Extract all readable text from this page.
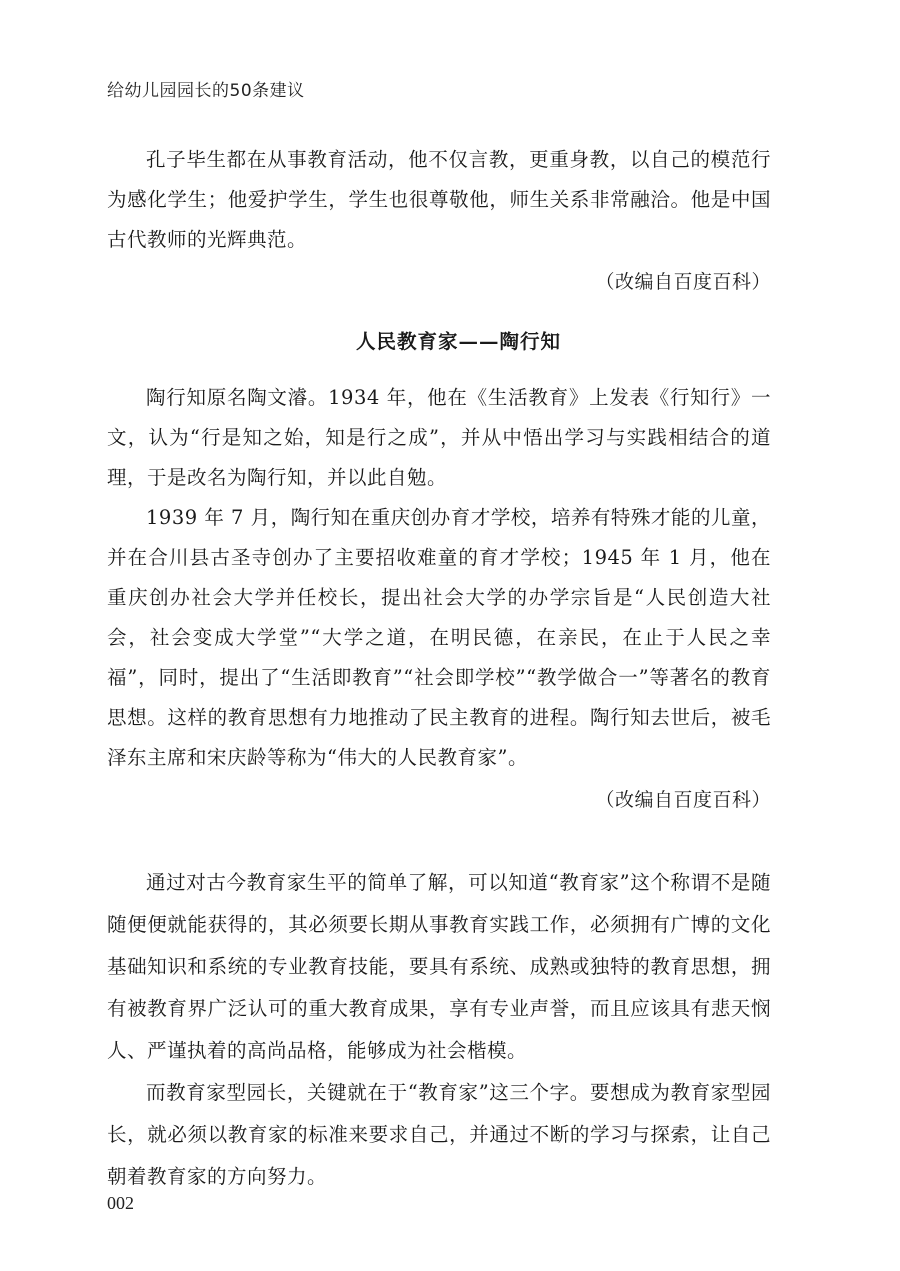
给幼儿园园长的50条建议

孔子毕生都在从事教育活动，他不仅言教，更重身教，以自己的模范行为感化学生；他爱护学生，学生也很尊敬他，师生关系非常融洽。他是中国古代教师的光辉典范。

（改编自百度百科）

人民教育家——陶行知

陶行知原名陶文濬。1934 年，他在《生活教育》上发表《行知行》一文，认为“行是知之始，知是行之成”，并从中悟出学习与实践相结合的道理，于是改名为陶行知，并以此自勉。

1939 年 7 月，陶行知在重庆创办育才学校，培养有特殊才能的儿童，并在合川县古圣寺创办了主要招收难童的育才学校；1945 年 1 月，他在重庆创办社会大学并任校长，提出社会大学的办学宗旨是“人民创造大社会，社会变成大学堂”“大学之道，在明民德，在亲民，在止于人民之幸福”，同时，提出了“生活即教育”“社会即学校”“教学做合一”等著名的教育思想。这样的教育思想有力地推动了民主教育的进程。陶行知去世后，被毛泽东主席和宋庆龄等称为“伟大的人民教育家”。

（改编自百度百科）

通过对古今教育家生平的简单了解，可以知道“教育家”这个称谓不是随随便便就能获得的，其必须要长期从事教育实践工作，必须拥有广博的文化基础知识和系统的专业教育技能，要具有系统、成熟或独特的教育思想，拥有被教育界广泛认可的重大教育成果，享有专业声誉，而且应该具有悲天悯人、严谨执着的高尚品格，能够成为社会楷模。

而教育家型园长，关键就在于“教育家”这三个字。要想成为教育家型园长，就必须以教育家的标准来要求自己，并通过不断的学习与探索，让自己朝着教育家的方向努力。

002
